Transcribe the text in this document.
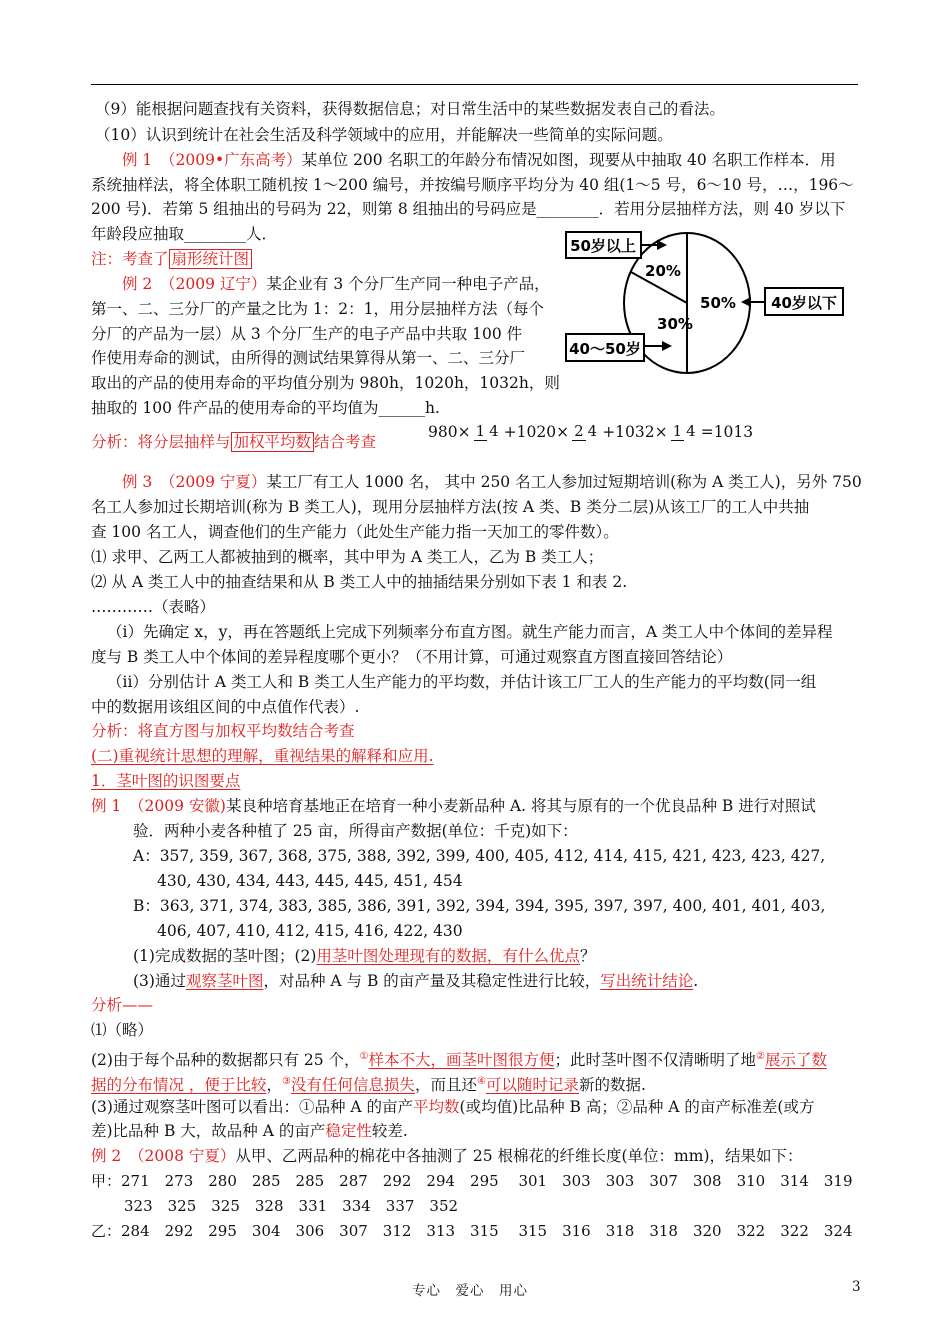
（9）能根据问题查找有关资料，获得数据信息；对日常生活中的某些数据发表自己的看法。
（10）认识到统计在社会生活及科学领域中的应用，并能解决一些简单的实际问题。
例 1　（2009•广东高考）某单位 200 名职工的年龄分布情况如图，现要从中抽取 40 名职工作样本．用
系统抽样法，将全体职工随机按 1～200 编号，并按编号顺序平均分为 40 组(1～5 号，6～10 号，…，196～
200 号)．若第 5 组抽出的号码为 22，则第 8 组抽出的号码应是________．若用分层抽样方法，则 40 岁以下
年龄段应抽取________人．
注：考查了 扇形统计图
例 2　（2009 辽宁）某企业有 3 个分厂生产同一种电子产品，
第一、二、三分厂的产量之比为 1：2：1，用分层抽样方法（每个
分厂的产品为一层）从 3 个分厂生产的电子产品中共取 100 件
作使用寿命的测试，由所得的测试结果算得从第一、二、三分厂
取出的产品的使用寿命的平均值分别为 980h，1020h，1032h，则
抽取的 100 件产品的使用寿命的平均值为______h.
20%
50%
30%
50岁以上
40岁以下
40～50岁
分析：将分层抽样与 加权平均数 结合考查
980× 1 4 +1020× 2 4 +1032× 1 4 =1013
例 3　（2009 宁夏）某工厂有工人 1000 名， 其中 250 名工人参加过短期培训(称为 A 类工人)，另外 750
名工人参加过长期培训(称为 B 类工人)，现用分层抽样方法(按 A 类、B 类分二层)从该工厂的工人中共抽
查 100 名工人，调查他们的生产能力（此处生产能力指一天加工的零件数）。
⑴ 求甲、乙两工人都被抽到的概率，其中甲为 A 类工人，乙为 B 类工人；
⑵ 从 A 类工人中的抽查结果和从 B 类工人中的抽插结果分别如下表 1 和表 2.
…………（表略）
（i）先确定 x，y，再在答题纸上完成下列频率分布直方图。就生产能力而言，A 类工人中个体间的差异程
度与 B 类工人中个体间的差异程度哪个更小？（不用计算，可通过观察直方图直接回答结论）
（ii）分别估计 A 类工人和 B 类工人生产能力的平均数，并估计该工厂工人的生产能力的平均数(同一组
中的数据用该组区间的中点值作代表）.
分析：将直方图与加权平均数结合考查
(二)重视统计思想的理解，重视结果的解释和应用.
1．茎叶图的识图要点
例 1　（2009 安徽)某良种培育基地正在培育一种小麦新品种 A. 将其与原有的一个优良品种 B 进行对照试
验．两种小麦各种植了 25 亩，所得亩产数据(单位：千克)如下：
A：357, 359, 367, 368, 375, 388, 392, 399, 400, 405, 412, 414, 415, 421, 423, 423, 427,
430, 430, 434, 443, 445, 445, 451, 454
B：363, 371, 374, 383, 385, 386, 391, 392, 394, 394, 395, 397, 397, 400, 401, 401, 403,
406, 407, 410, 412, 415, 416, 422, 430
(1)完成数据的茎叶图；(2)用茎叶图处理现有的数据，有什么优点？
(3)通过观察茎叶图，对品种 A 与 B 的亩产量及其稳定性进行比较，写出统计结论.
分析——
⑴（略）
(2)由于每个品种的数据都只有 25 个，①样本不大，画茎叶图很方便；此时茎叶图不仅清晰明了地②展示了数
据的分布情况 ，便于比较，③没有任何信息损失，而且还④可以随时记录新的数据.
(3)通过观察茎叶图可以看出：①品种 A 的亩产平均数(或均值)比品种 B 高；②品种 A 的亩产标准差(或方
差)比品种 B 大，故品种 A 的亩产稳定性较差.
例 2　（2008 宁夏）从甲、乙两品种的棉花中各抽测了 25 根棉花的纤维长度(单位：mm)，结果如下：
甲：271　273　280　285　285　287　292　294　295　 301　303　303　307　308　310　314　319
323　325　325　328　331　334　337　352
乙：284　292　295　304　306　307　312　313　315　 315　316　318　318　320　322　322　324
专心　爱心　用心	3
